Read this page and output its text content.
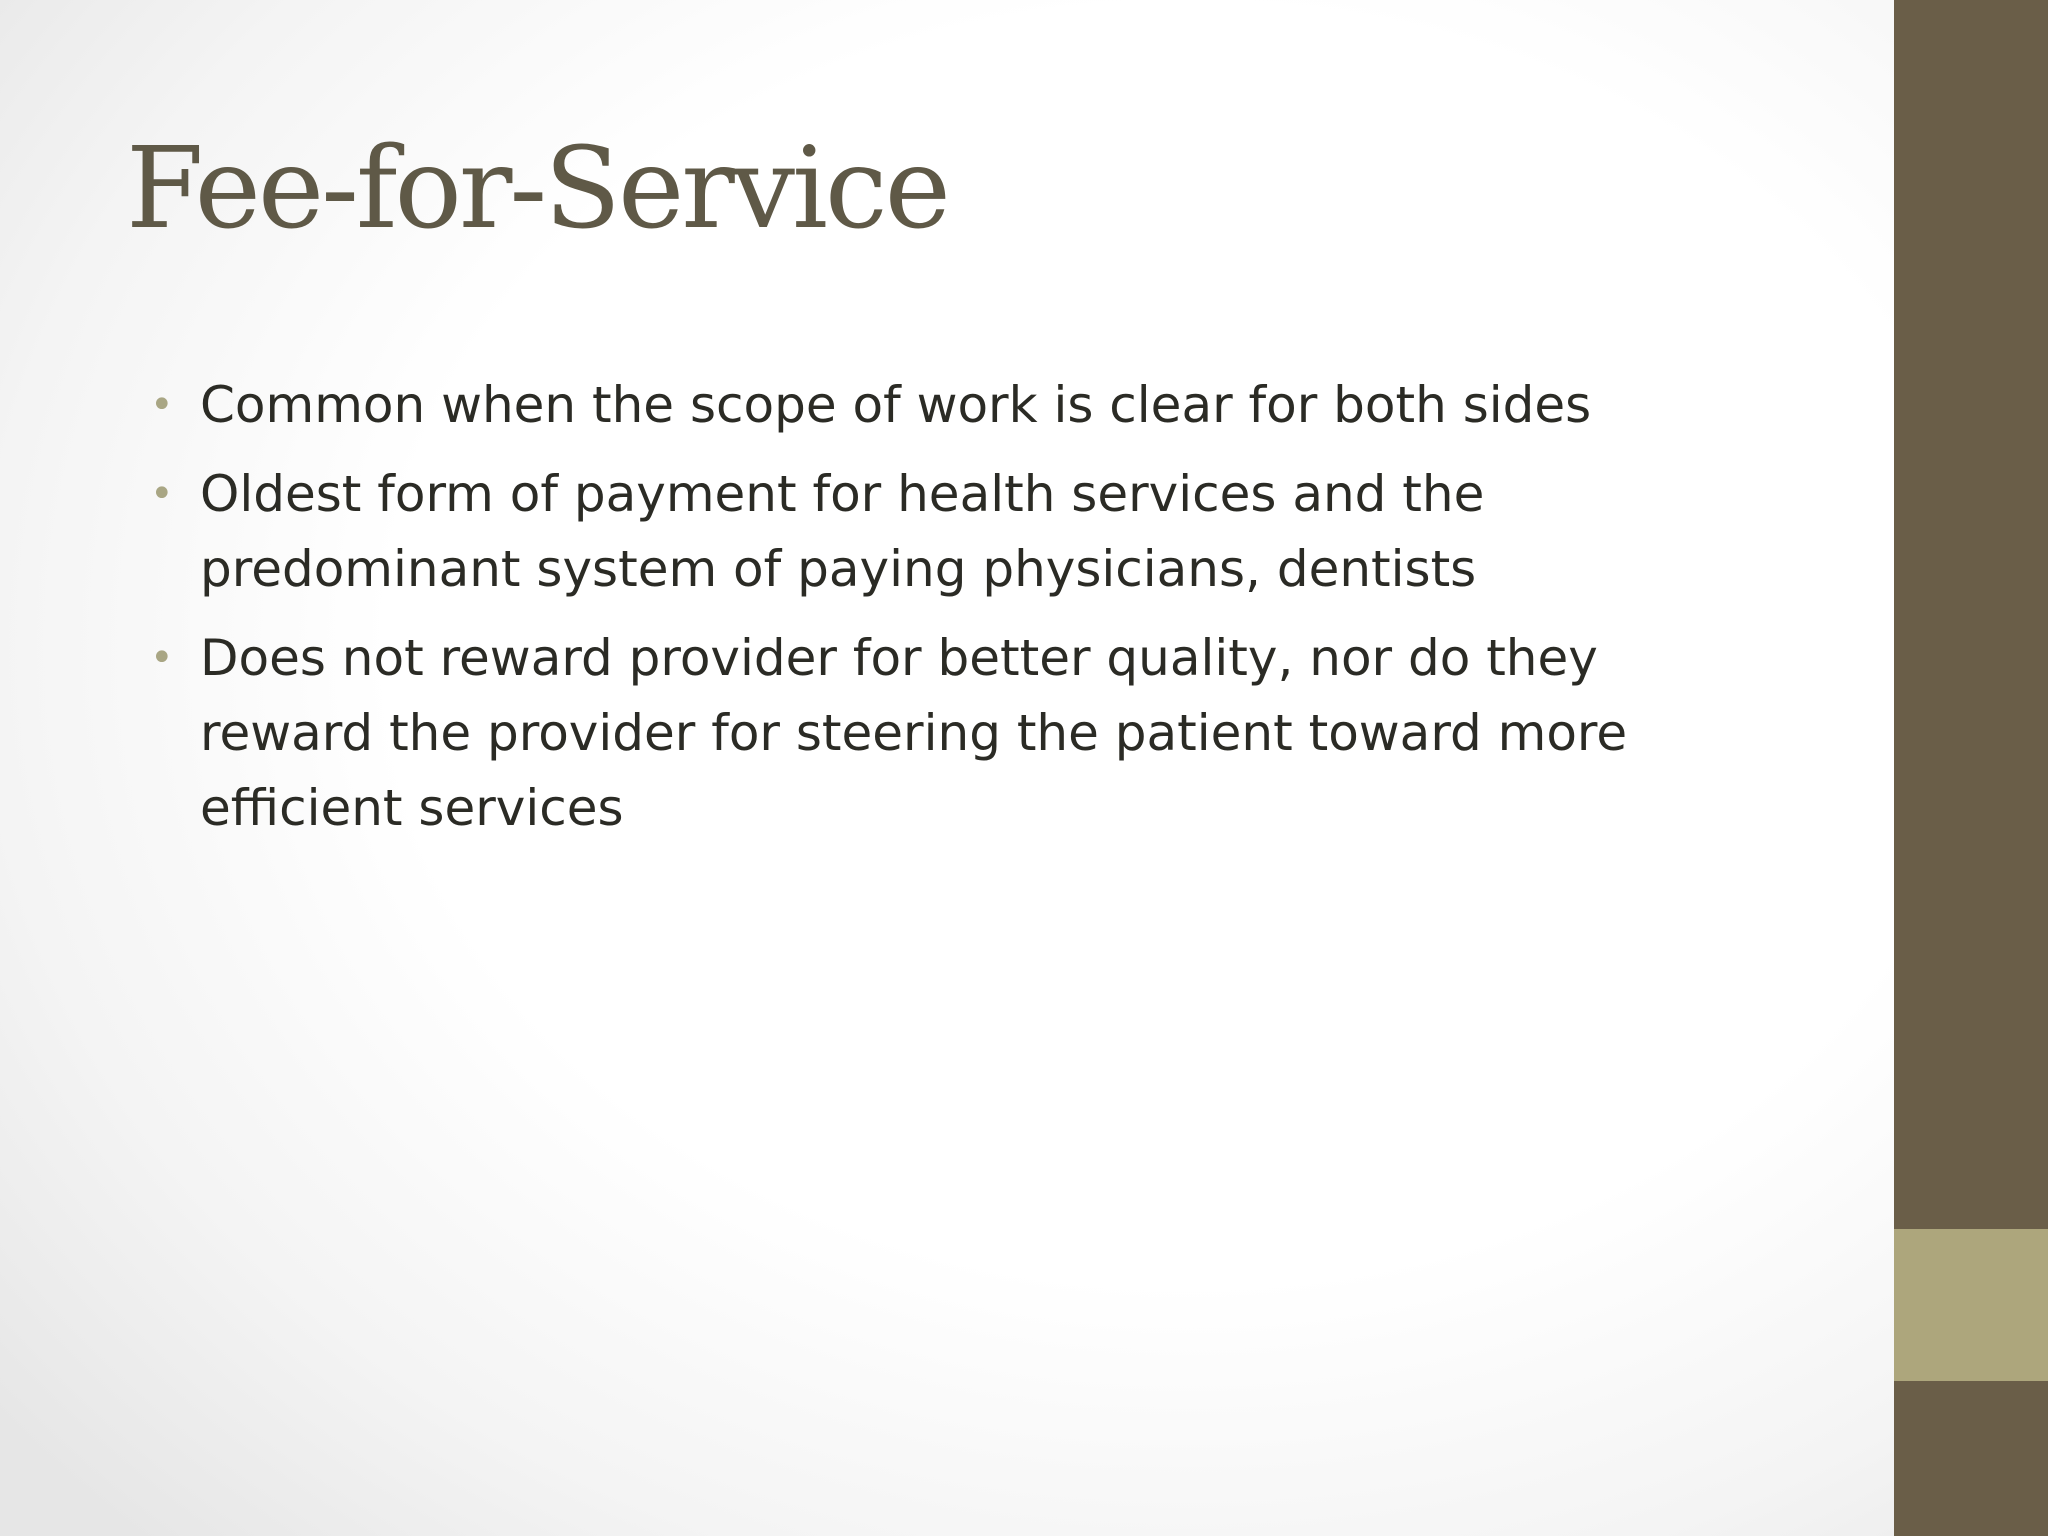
Fee-for-Service
• Common when the scope of work is clear for both sides
• Oldest form of payment for health services and the predominant system of paying physicians, dentists
• Does not reward provider for better quality, nor do they reward the provider for steering the patient toward more efficient services
